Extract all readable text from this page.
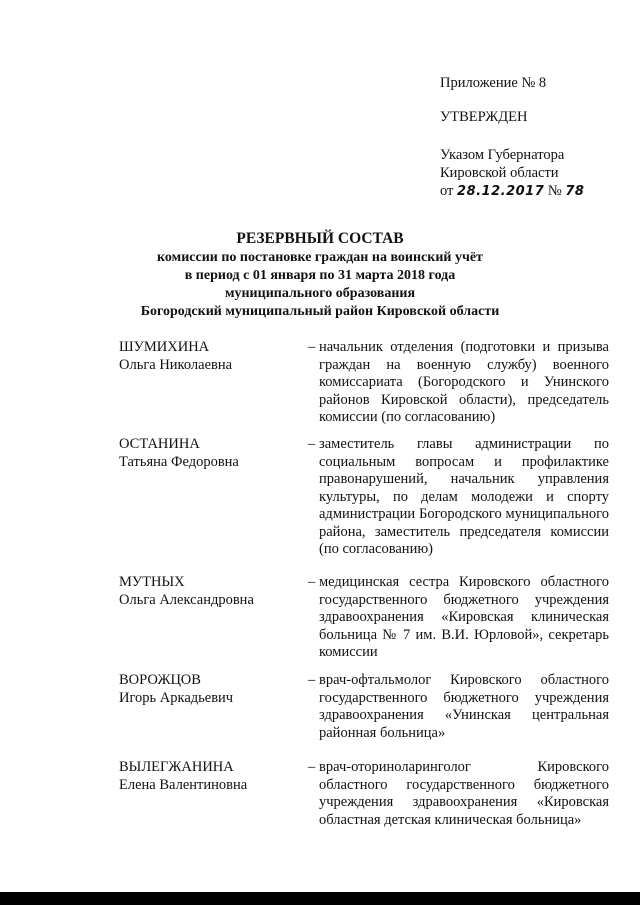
Приложение № 8
УТВЕРЖДЕН
Указом Губернатора
Кировской области
от 28.12.2017 № 78
РЕЗЕРВНЫЙ СОСТАВ
комиссии по постановке граждан на воинский учёт
в период с 01 января по 31 марта 2018 года
муниципального образования
Богородский муниципальный район Кировской области
ШУМИХИНА
Ольга Николаевна
– начальник отделения (подготовки и призыва граждан на военную службу) военного комиссариата (Богородского и Унинского районов Кировской области), председатель комиссии (по согласованию)
ОСТАНИНА
Татьяна Федоровна
– заместитель главы администрации по социальным вопросам и профилактике правонарушений, начальник управления культуры, по делам молодежи и спорту администрации Богородского муниципального района, заместитель председателя комиссии (по согласованию)
МУТНЫХ
Ольга Александровна
– медицинская сестра Кировского областного государственного бюджетного учреждения здравоохранения «Кировская клиническая больница № 7 им. В.И. Юрловой», секретарь комиссии
ВОРОЖЦОВ
Игорь Аркадьевич
– врач-офтальмолог Кировского областного государственного бюджетного учреждения здравоохранения «Унинская центральная районная больница»
ВЫЛЕГЖАНИНА
Елена Валентиновна
– врач-оториноларинголог Кировского областного государственного бюджетного учреждения здравоохранения «Кировская областная детская клиническая больница»
